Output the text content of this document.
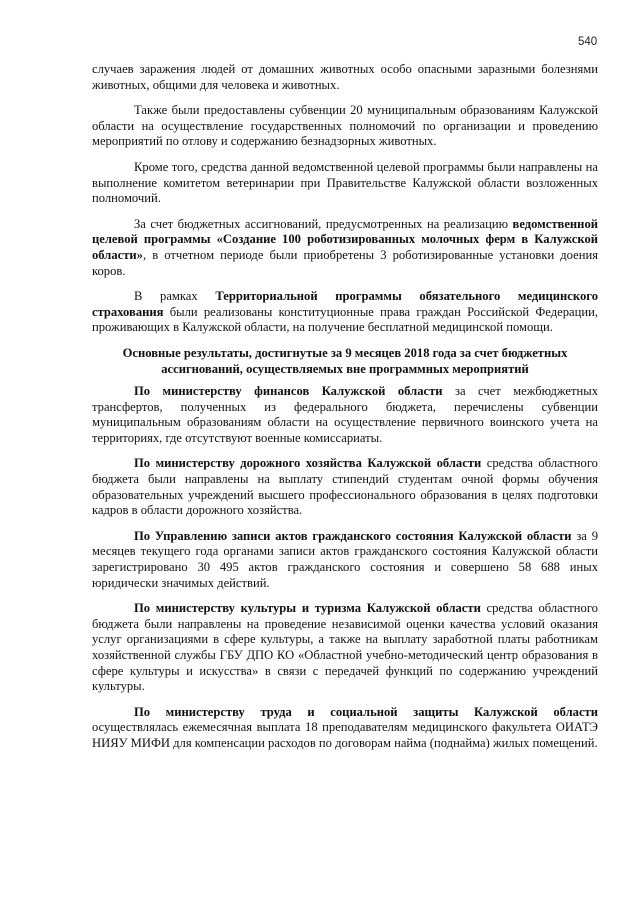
540

случаев заражения людей от домашних животных особо опасными заразными болезнями животных, общими для человека и животных.

Также были предоставлены субвенции 20 муниципальным образованиям Калужской области на осуществление государственных полномочий по организации и проведению мероприятий по отлову и содержанию безнадзорных животных.

Кроме того, средства данной ведомственной целевой программы были направлены на выполнение комитетом ветеринарии при Правительстве Калужской области возложенных полномочий.

За счет бюджетных ассигнований, предусмотренных на реализацию ведомственной целевой программы «Создание 100 роботизированных молочных ферм в Калужской области», в отчетном периоде были приобретены 3 роботизированные установки доения коров.

В рамках Территориальной программы обязательного медицинского страхования были реализованы конституционные права граждан Российской Федерации, проживающих в Калужской области, на получение бесплатной медицинской помощи.

Основные результаты, достигнутые за 9 месяцев 2018 года за счет бюджетных ассигнований, осуществляемых вне программных мероприятий

По министерству финансов Калужской области за счет межбюджетных трансфертов, полученных из федерального бюджета, перечислены субвенции муниципальным образованиям области на осуществление первичного воинского учета на территориях, где отсутствуют военные комиссариаты.

По министерству дорожного хозяйства Калужской области средства областного бюджета были направлены на выплату стипендий студентам очной формы обучения образовательных учреждений высшего профессионального образования в целях подготовки кадров в области дорожного хозяйства.

По Управлению записи актов гражданского состояния Калужской области за 9 месяцев текущего года органами записи актов гражданского состояния Калужской области зарегистрировано 30 495 актов гражданского состояния и совершено 58 688 иных юридически значимых действий.

По министерству культуры и туризма Калужской области средства областного бюджета были направлены на проведение независимой оценки качества условий оказания услуг организациями в сфере культуры, а также на выплату заработной платы работникам хозяйственной службы ГБУ ДПО КО «Областной учебно-методический центр образования в сфере культуры и искусства» в связи с передачей функций по содержанию учреждений культуры.

По министерству труда и социальной защиты Калужской области осуществлялась ежемесячная выплата 18 преподавателям медицинского факультета ОИАТЭ НИЯУ МИФИ для компенсации расходов по договорам найма (поднайма) жилых помещений.
